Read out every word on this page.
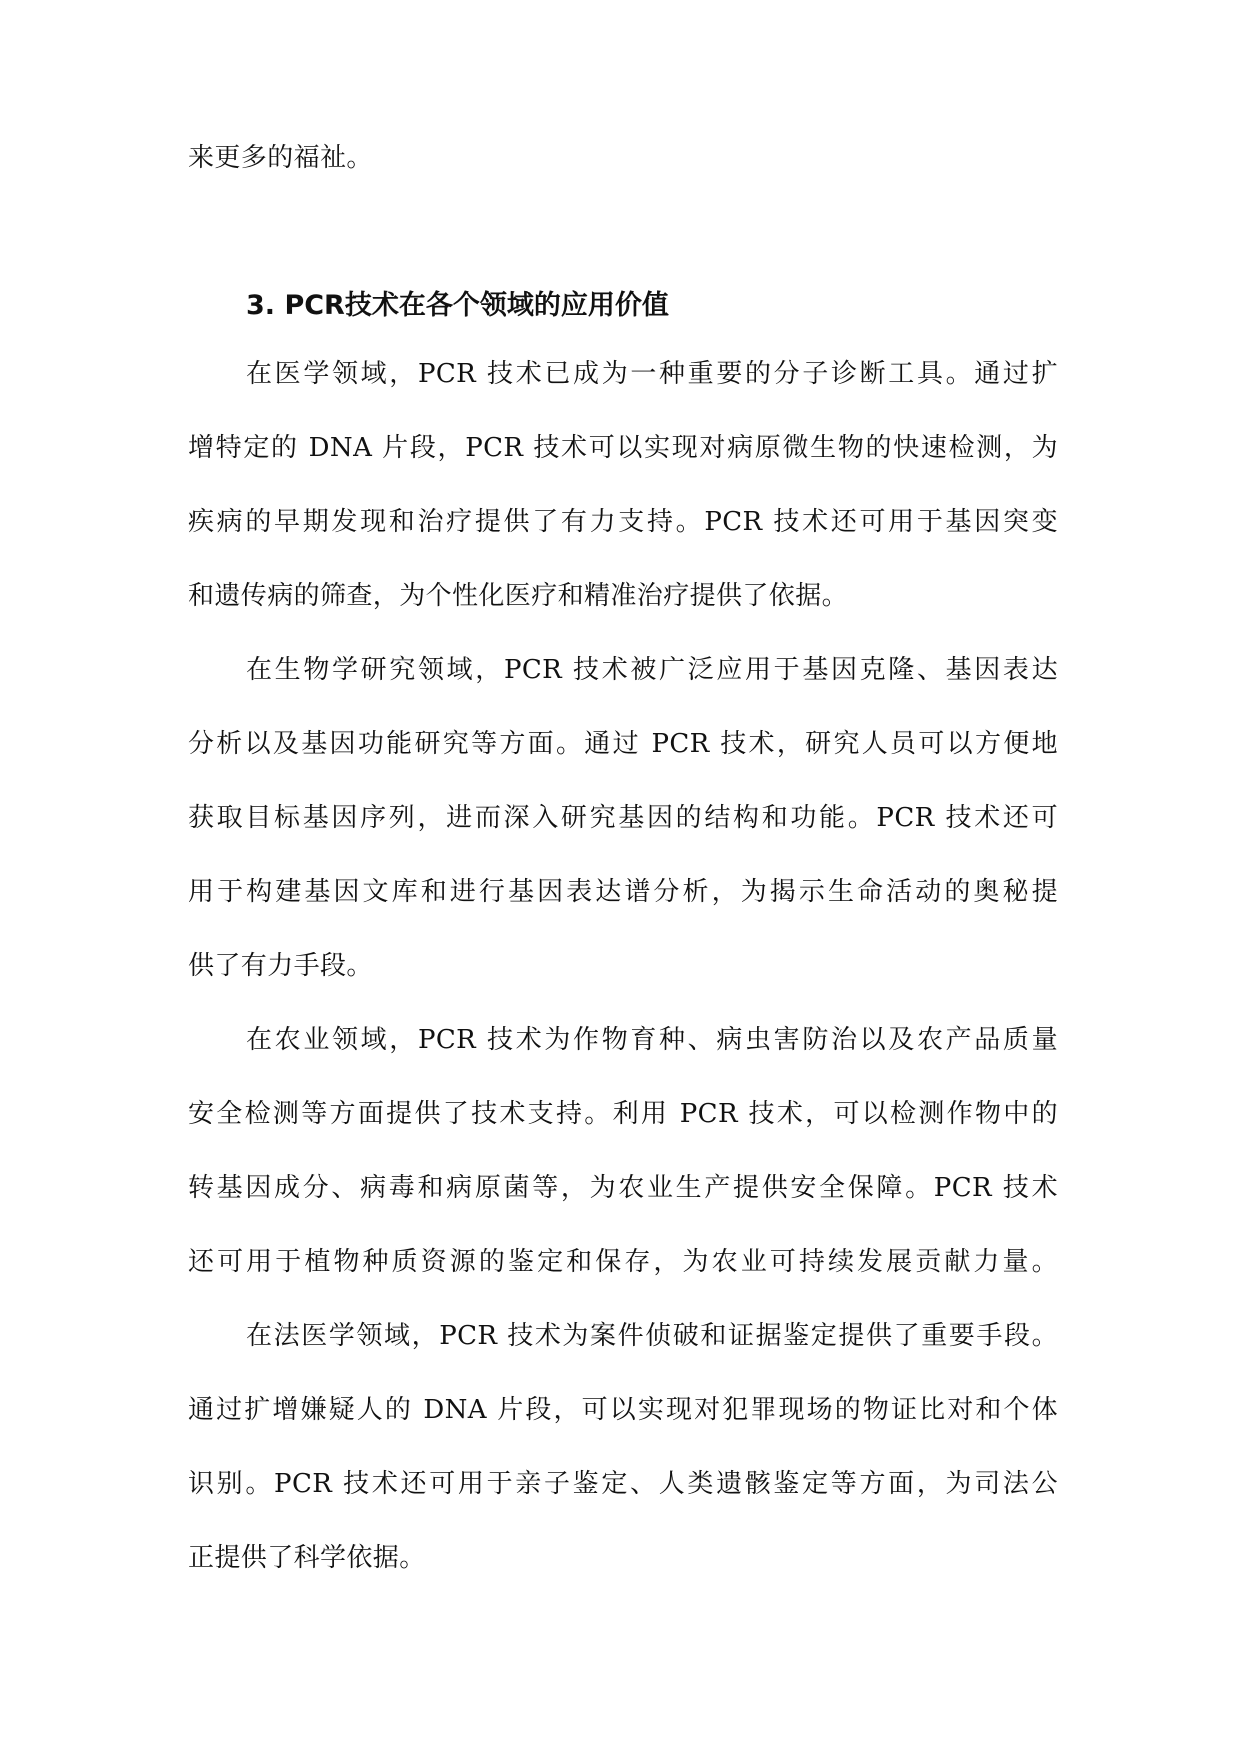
来更多的福祉。
3. PCR技术在各个领域的应用价值
在医学领域，PCR 技术已成为一种重要的分子诊断工具。通过扩
增特定的 DNA 片段，PCR 技术可以实现对病原微生物的快速检测，为
疾病的早期发现和治疗提供了有力支持。PCR 技术还可用于基因突变
和遗传病的筛查，为个性化医疗和精准治疗提供了依据。
在生物学研究领域，PCR 技术被广泛应用于基因克隆、基因表达
分析以及基因功能研究等方面。通过 PCR 技术，研究人员可以方便地
获取目标基因序列，进而深入研究基因的结构和功能。PCR 技术还可
用于构建基因文库和进行基因表达谱分析，为揭示生命活动的奥秘提
供了有力手段。
在农业领域，PCR 技术为作物育种、病虫害防治以及农产品质量
安全检测等方面提供了技术支持。利用 PCR 技术，可以检测作物中的
转基因成分、病毒和病原菌等，为农业生产提供安全保障。PCR 技术
还可用于植物种质资源的鉴定和保存，为农业可持续发展贡献力量。
在法医学领域，PCR 技术为案件侦破和证据鉴定提供了重要手段。
通过扩增嫌疑人的 DNA 片段，可以实现对犯罪现场的物证比对和个体
识别。PCR 技术还可用于亲子鉴定、人类遗骸鉴定等方面，为司法公
正提供了科学依据。
